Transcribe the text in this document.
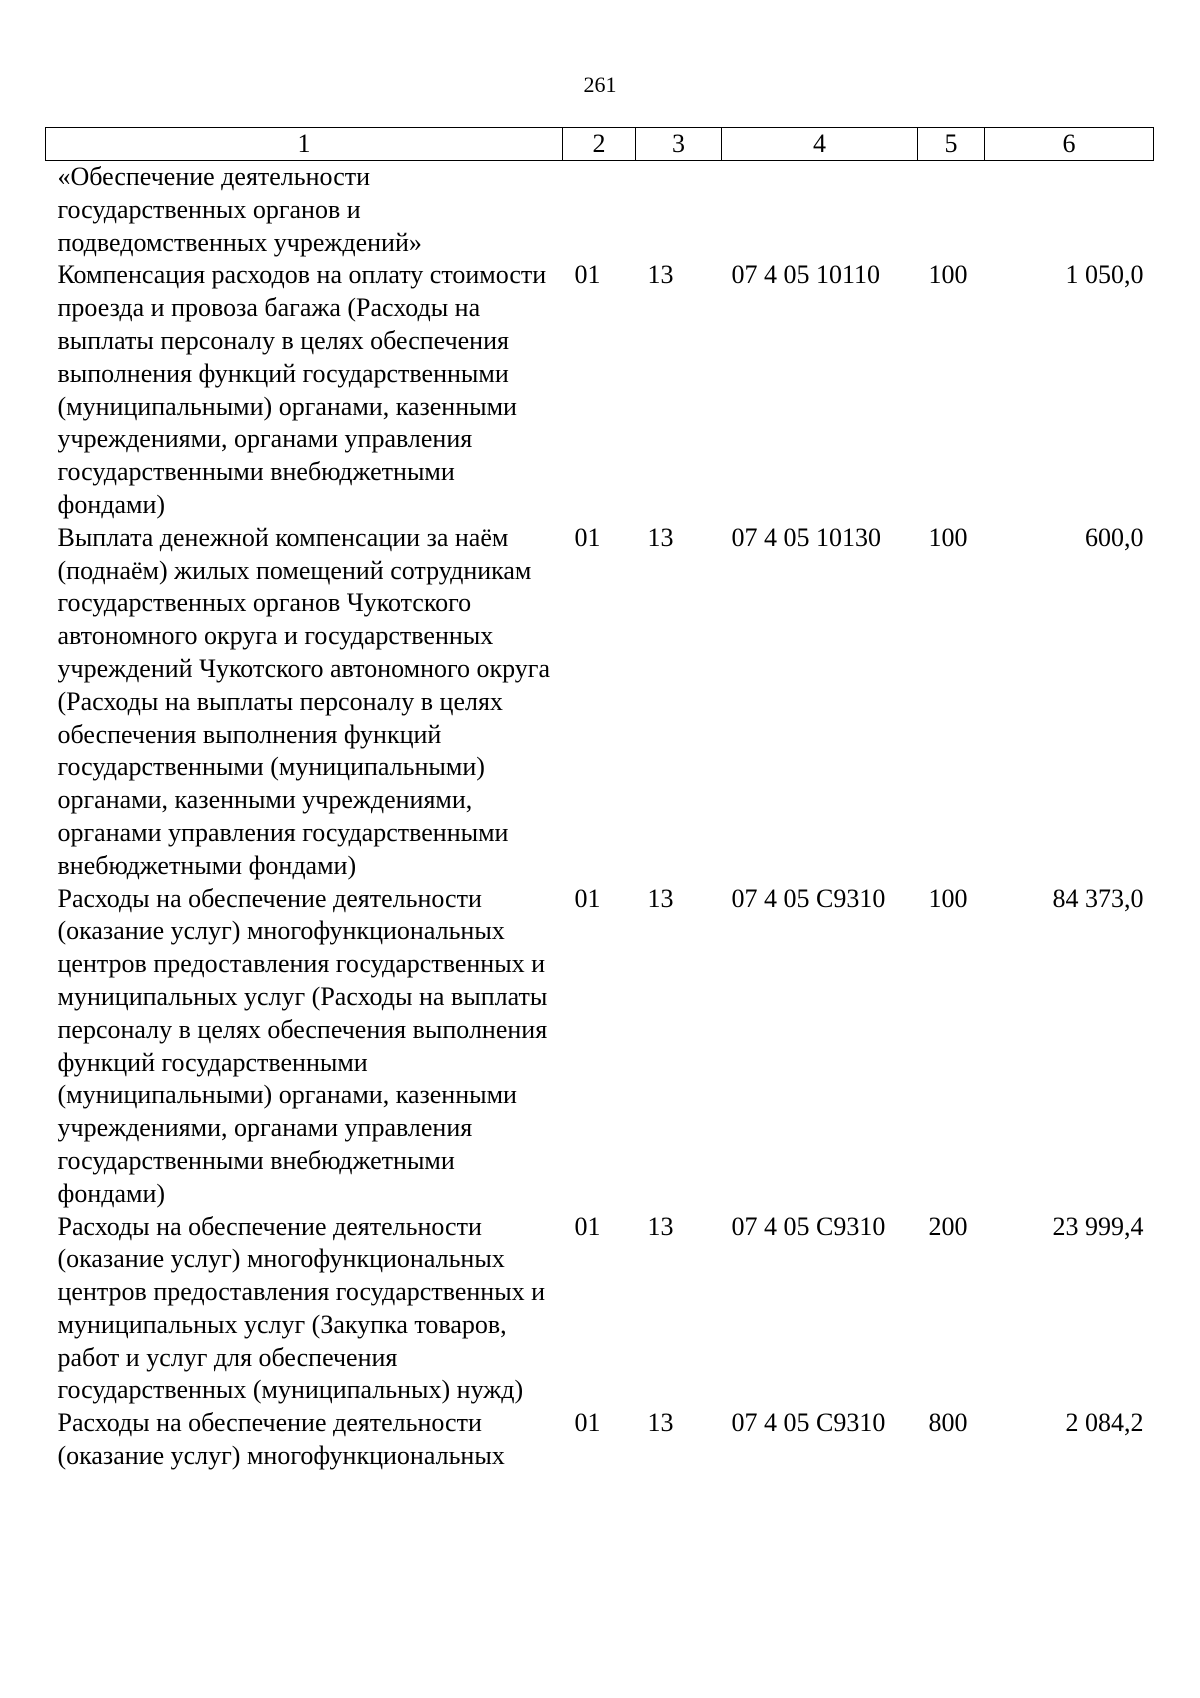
261
1	2	3	4	5	6

«Обеспечение деятельности государственных органов и подведомственных учреждений»					

Компенсация расходов на оплату стоимости проезда и провоза багажа (Расходы на выплаты персоналу в целях обеспечения выполнения функций государственными (муниципальными) органами, казенными учреждениями, органами управления государственными внебюджетными фондами)	01	13	07 4 05 10110	100	1 050,0

Выплата денежной компенсации за наём (поднаём) жилых помещений сотрудникам государственных органов Чукотского автономного округа и государственных учреждений Чукотского автономного округа (Расходы на выплаты персоналу в целях обеспечения выполнения функций государственными (муниципальными) органами, казенными учреждениями, органами управления государственными внебюджетными фондами)	01	13	07 4 05 10130	100	600,0

Расходы на обеспечение деятельности (оказание услуг) многофункциональных центров предоставления государственных и муниципальных услуг (Расходы на выплаты персоналу в целях обеспечения выполнения функций государственными (муниципальными) органами, казенными учреждениями, органами управления государственными внебюджетными фондами)	01	13	07 4 05 С9310	100	84 373,0

Расходы на обеспечение деятельности (оказание услуг) многофункциональных центров предоставления государственных и муниципальных услуг (Закупка товаров, работ и услуг для обеспечения государственных (муниципальных) нужд)	01	13	07 4 05 С9310	200	23 999,4

Расходы на обеспечение деятельности (оказание услуг) многофункциональных	01	13	07 4 05 С9310	800	2 084,2
